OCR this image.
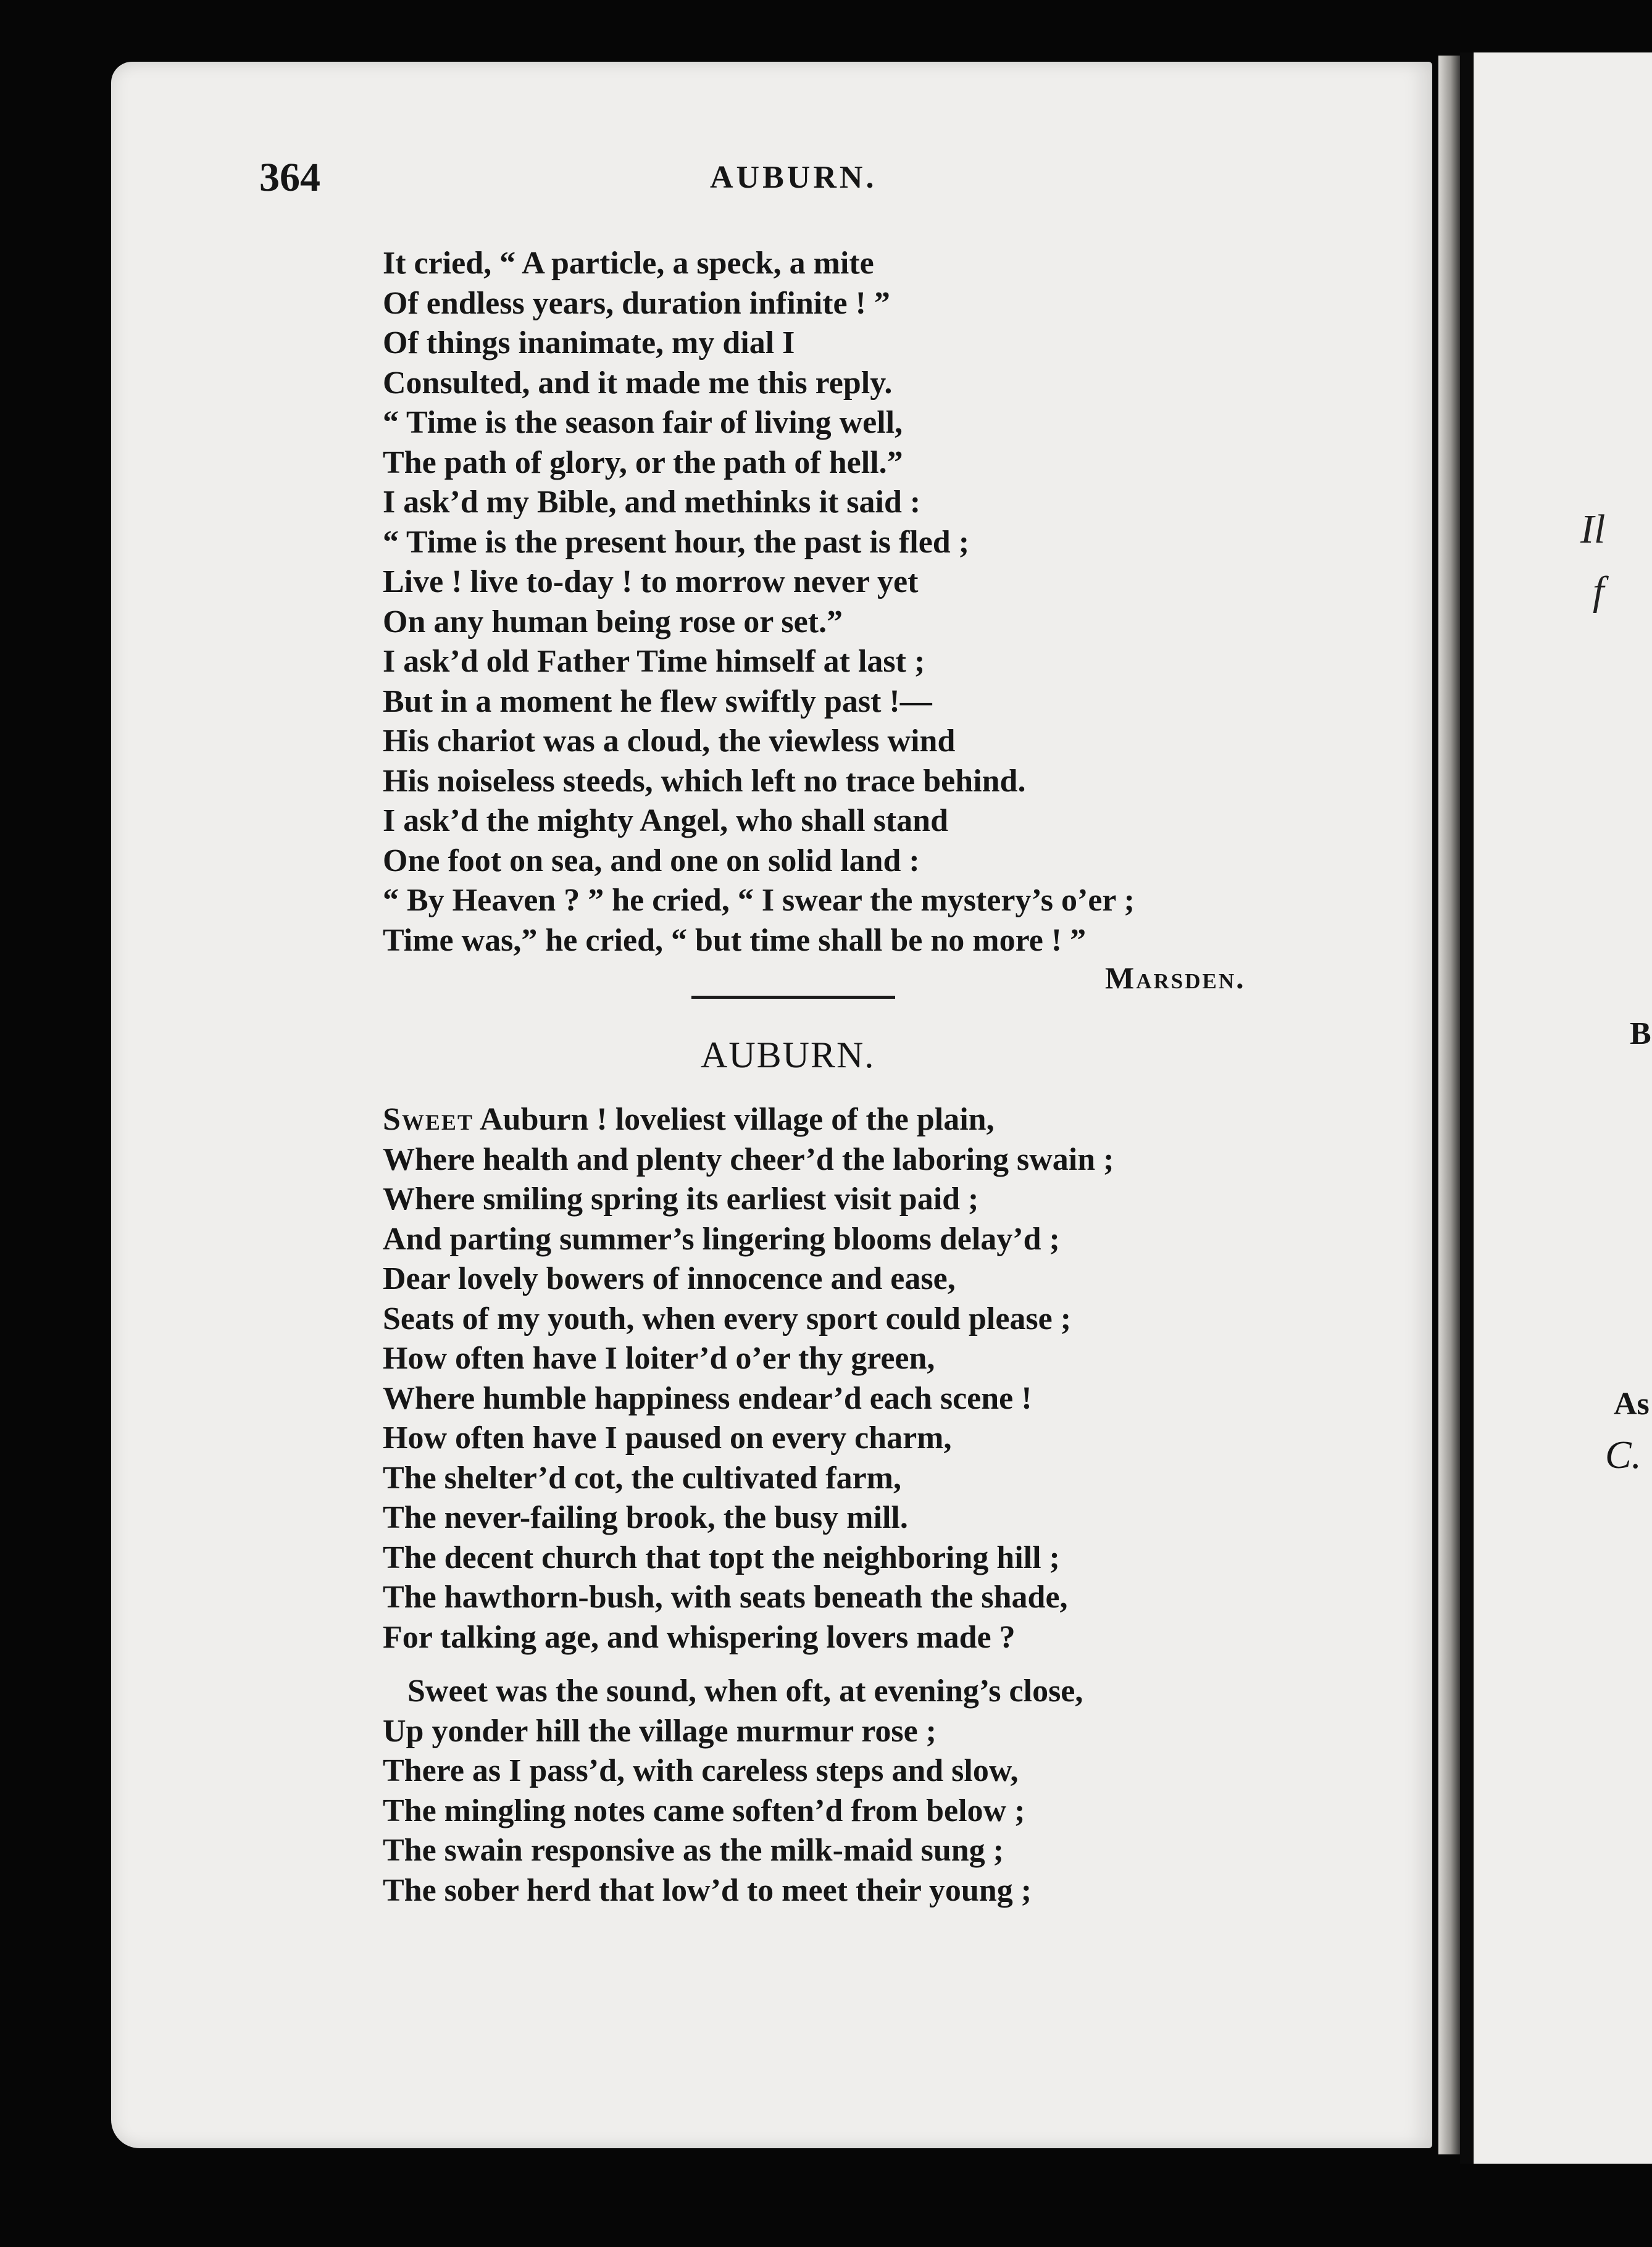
B
As
C.
Il
f
364	AUBURN.
It cried, “ A particle, a speck, a mite
Of endless years, duration infinite ! ”
Of things inanimate, my dial I
Consulted, and it made me this reply.
“ Time is the season fair of living well,
The path of glory, or the path of hell.”
I ask’d my Bible, and methinks it said :
“ Time is the present hour, the past is fled ;
Live ! live to-day ! to morrow never yet
On any human being rose or set.”
I ask’d old Father Time himself at last ;
But in a moment he flew swiftly past !—
His chariot was a cloud, the viewless wind
His noiseless steeds, which left no trace behind.
I ask’d the mighty Angel, who shall stand
One foot on sea, and one on solid land :
“ By Heaven ? ” he cried, “ I swear the mystery’s o’er ;
Time was,” he cried, “ but time shall be no more ! ”
Marsden.
AUBURN.
Sweet Auburn ! loveliest village of the plain,
Where health and plenty cheer’d the laboring swain ;
Where smiling spring its earliest visit paid ;
And parting summer’s lingering blooms delay’d ;
Dear lovely bowers of innocence and ease,
Seats of my youth, when every sport could please ;
How often have I loiter’d o’er thy green,
Where humble happiness endear’d each scene !
How often have I paused on every charm,
The shelter’d cot, the cultivated farm,
The never-failing brook, the busy mill.
The decent church that topt the neighboring hill ;
The hawthorn-bush, with seats beneath the shade,
For talking age, and whispering lovers made ?
Sweet was the sound, when oft, at evening’s close,
Up yonder hill the village murmur rose ;
There as I pass’d, with careless steps and slow,
The mingling notes came soften’d from below ;
The swain responsive as the milk-maid sung ;
The sober herd that low’d to meet their young ;
